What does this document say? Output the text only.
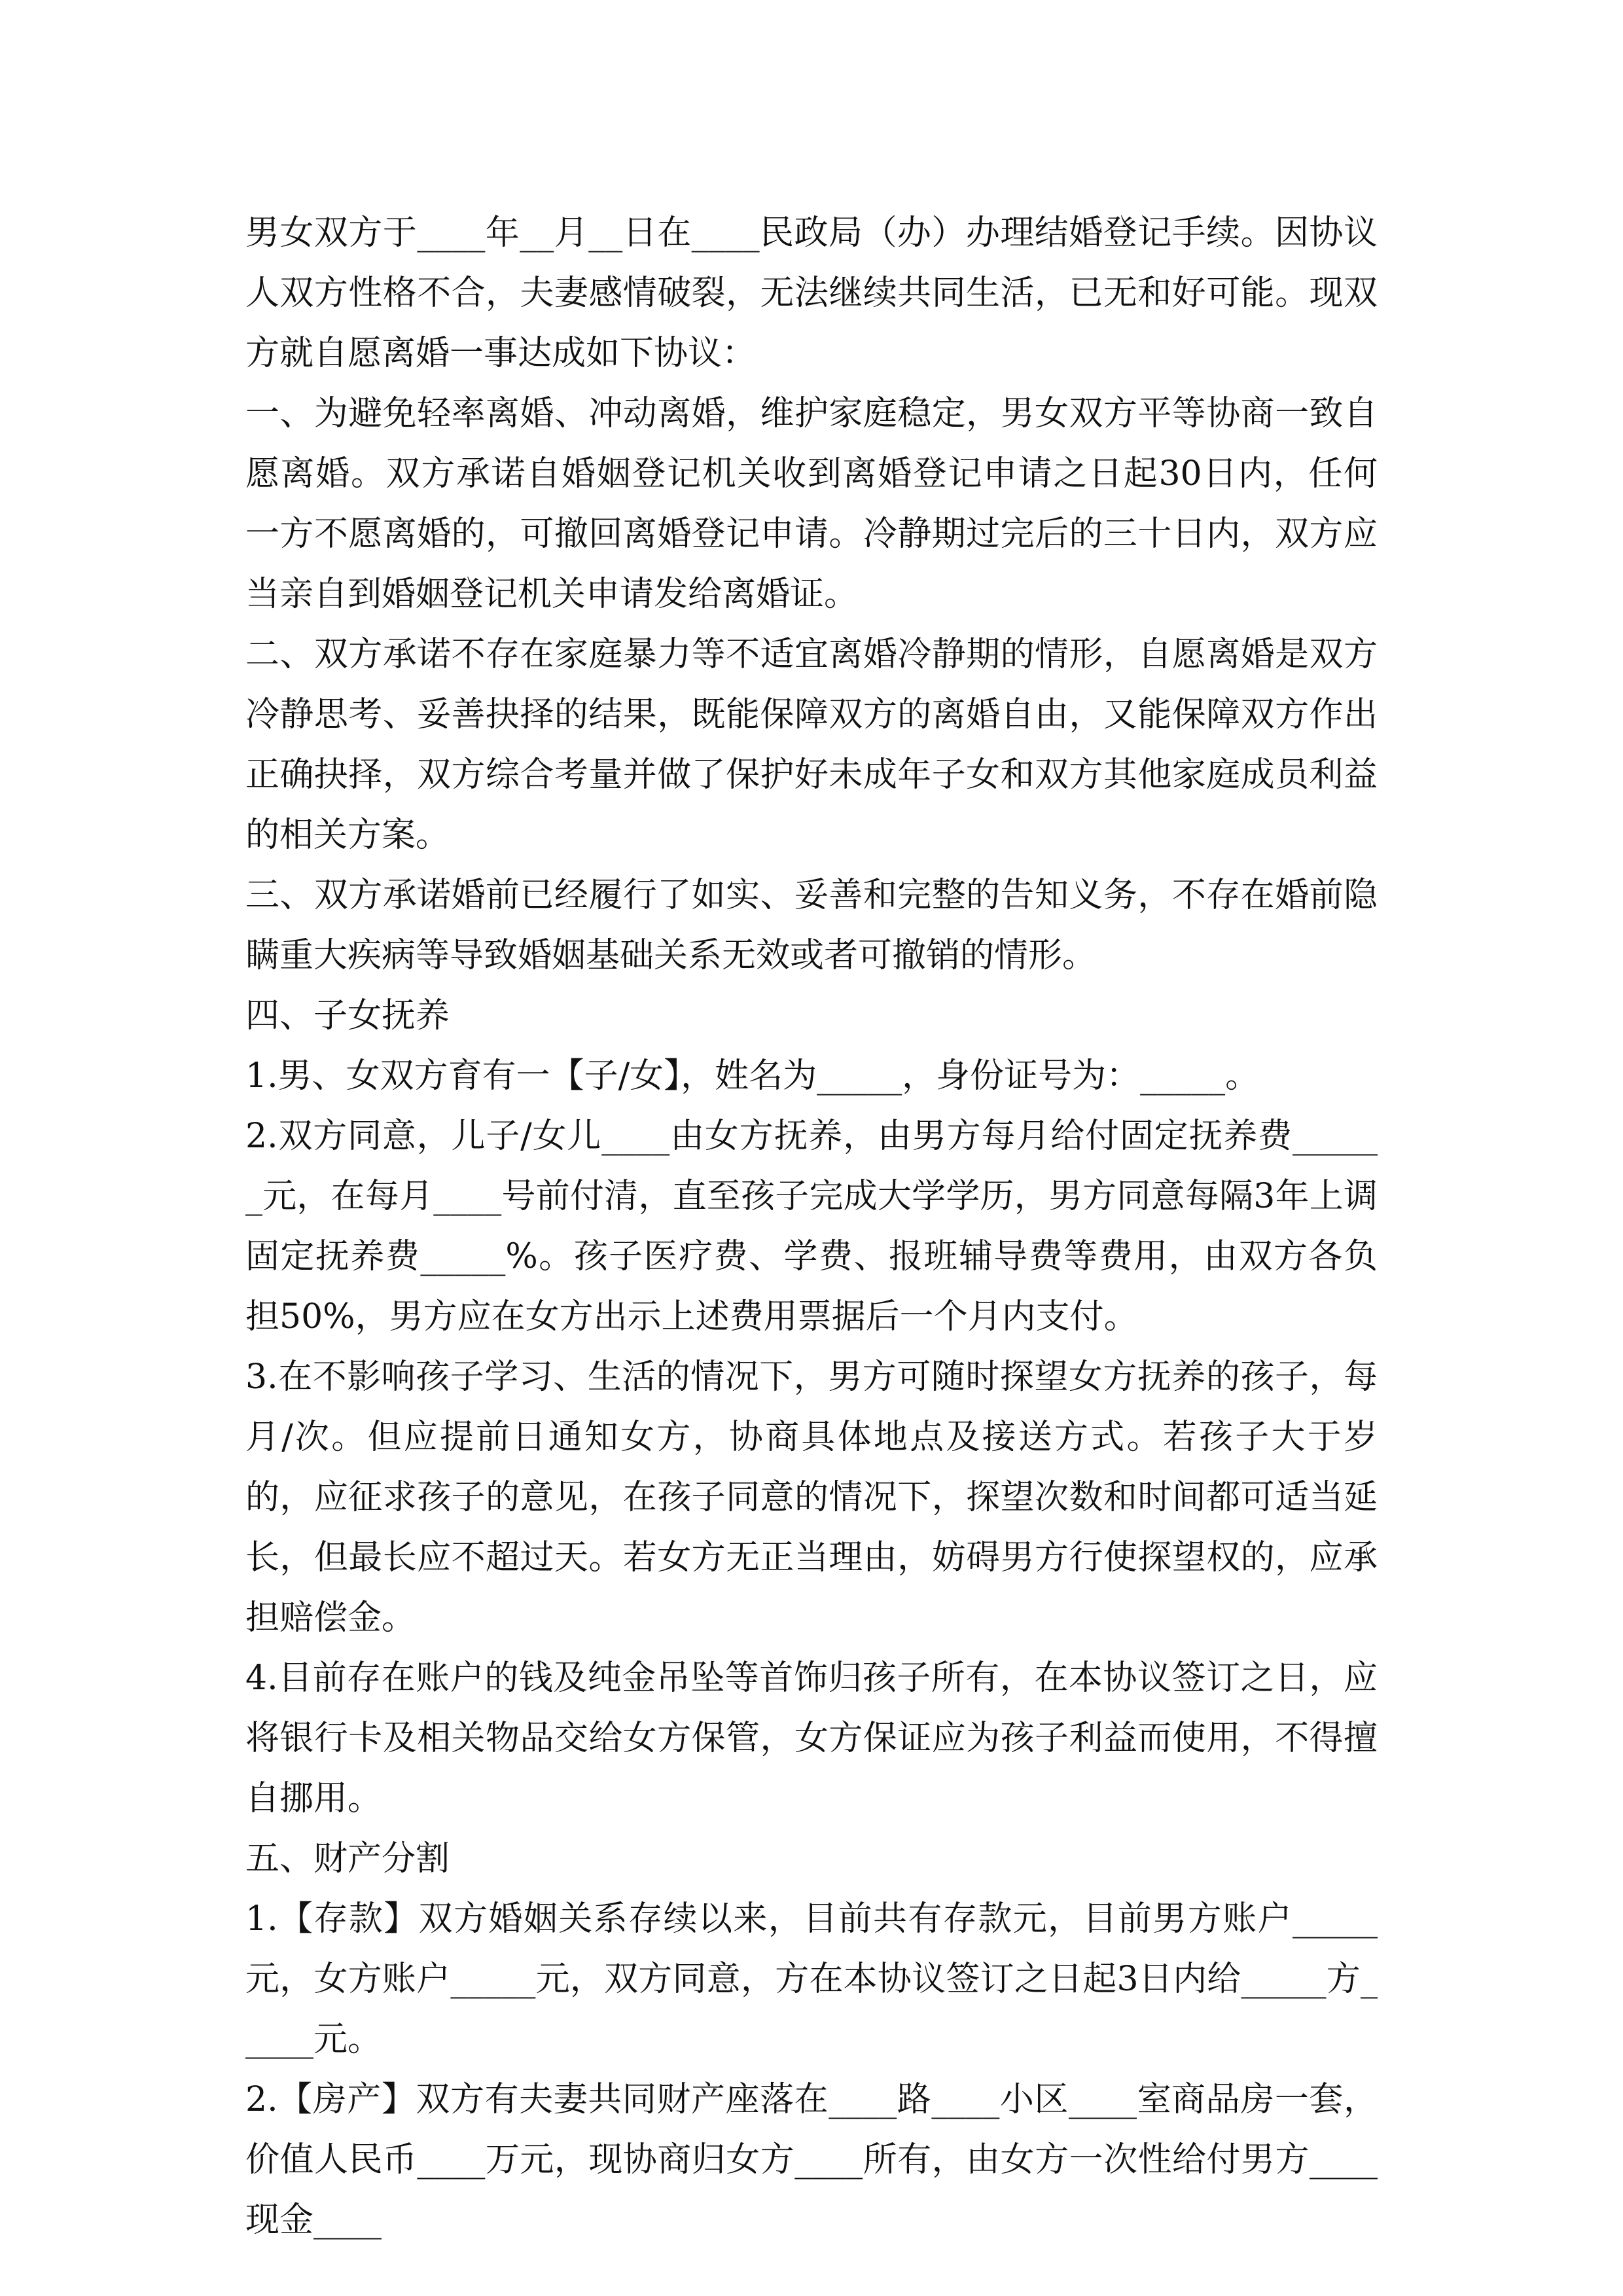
男女双方于____年__月__日在____民政局（办）办理结婚登记手续。因协议人双方性格不合，夫妻感情破裂，无法继续共同生活，已无和好可能。现双方就自愿离婚一事达成如下协议：

一、为避免轻率离婚、冲动离婚，维护家庭稳定，男女双方平等协商一致自愿离婚。双方承诺自婚姻登记机关收到离婚登记申请之日起30日内，任何一方不愿离婚的，可撤回离婚登记申请。冷静期过完后的三十日内，双方应当亲自到婚姻登记机关申请发给离婚证。

二、双方承诺不存在家庭暴力等不适宜离婚冷静期的情形，自愿离婚是双方冷静思考、妥善抉择的结果，既能保障双方的离婚自由，又能保障双方作出正确抉择，双方综合考量并做了保护好未成年子女和双方其他家庭成员利益的相关方案。

三、双方承诺婚前已经履行了如实、妥善和完整的告知义务，不存在婚前隐瞒重大疾病等导致婚姻基础关系无效或者可撤销的情形。

四、子女抚养

1.男、女双方育有一【子/女】，姓名为_____，身份证号为：_____。

2.双方同意，儿子/女儿____由女方抚养，由男方每月给付固定抚养费______元，在每月____号前付清，直至孩子完成大学学历，男方同意每隔3年上调固定抚养费_____%。孩子医疗费、学费、报班辅导费等费用，由双方各负担50%，男方应在女方出示上述费用票据后一个月内支付。

3.在不影响孩子学习、生活的情况下，男方可随时探望女方抚养的孩子，每月/次。但应提前日通知女方，协商具体地点及接送方式。若孩子大于岁的，应征求孩子的意见，在孩子同意的情况下，探望次数和时间都可适当延长，但最长应不超过天。若女方无正当理由，妨碍男方行使探望权的，应承担赔偿金。

4.目前存在账户的钱及纯金吊坠等首饰归孩子所有，在本协议签订之日，应将银行卡及相关物品交给女方保管，女方保证应为孩子利益而使用，不得擅自挪用。

五、财产分割

1.【存款】双方婚姻关系存续以来，目前共有存款元，目前男方账户_____元，女方账户_____元，双方同意，方在本协议签订之日起3日内给_____方_____元。

2.【房产】双方有夫妻共同财产座落在____路____小区____室商品房一套，价值人民币____万元，现协商归女方____所有，由女方一次性给付男方____现金____
